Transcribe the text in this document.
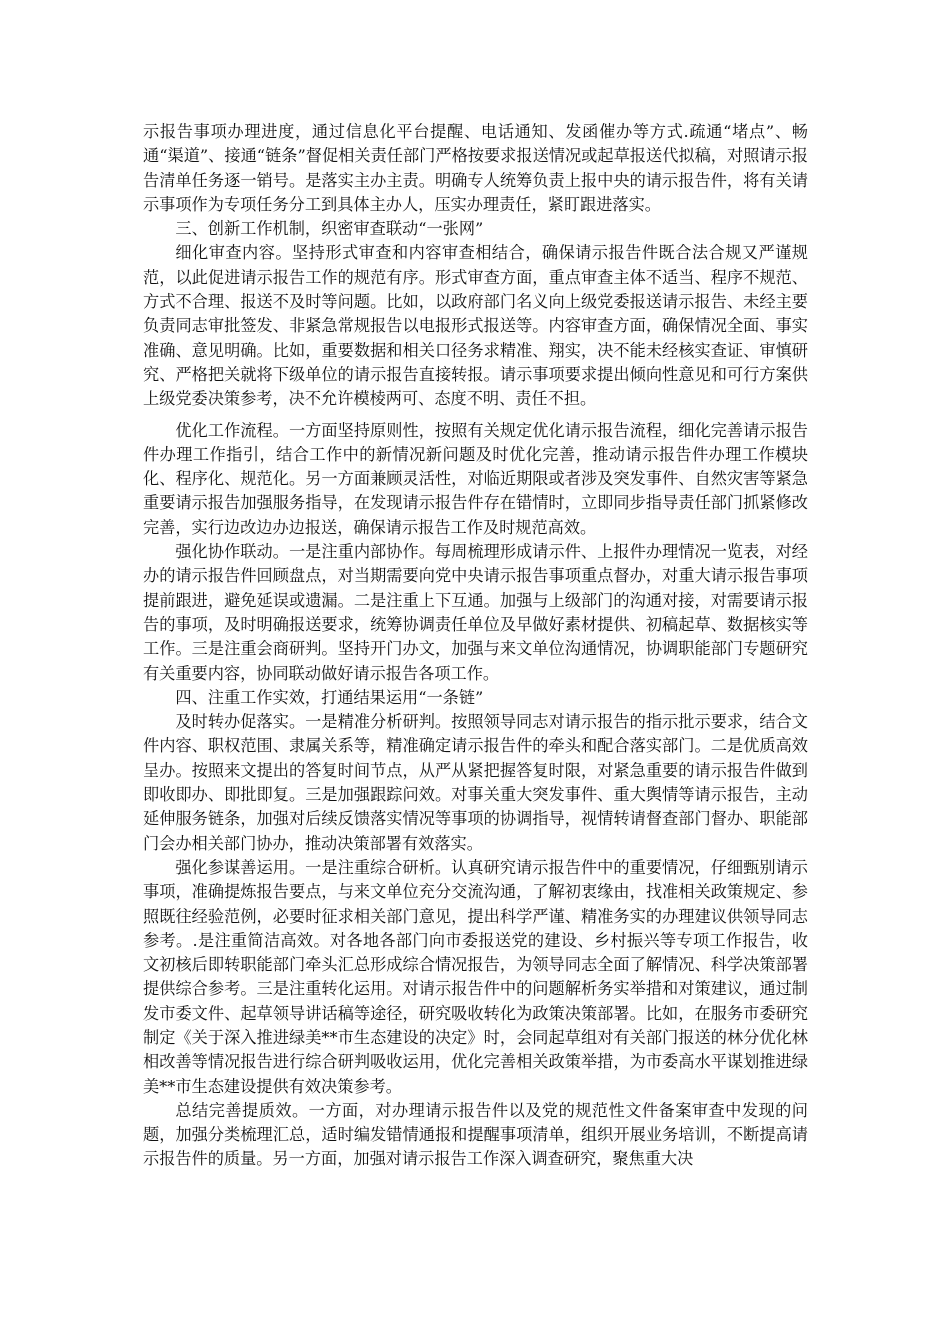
示报告事项办理进度，通过信息化平台提醒、电话通知、发函催办等方式.疏通“堵点”、畅通“渠道”、接通“链条”督促相关责任部门严格按要求报送情况或起草报送代拟稿，对照请示报告清单任务逐一销号。是落实主办主责。明确专人统筹负责上报中央的请示报告件，将有关请示事项作为专项任务分工到具体主办人，压实办理责任，紧盯跟进落实。

三、创新工作机制，织密审查联动“一张网”

细化审查内容。坚持形式审查和内容审查相结合，确保请示报告件既合法合规又严谨规范，以此促进请示报告工作的规范有序。形式审查方面，重点审查主体不适当、程序不规范、方式不合理、报送不及时等问题。比如，以政府部门名义向上级党委报送请示报告、未经主要负责同志审批签发、非紧急常规报告以电报形式报送等。内容审查方面，确保情况全面、事实准确、意见明确。比如，重要数据和相关口径务求精准、翔实，决不能未经核实查证、审慎研究、严格把关就将下级单位的请示报告直接转报。请示事项要求提出倾向性意见和可行方案供上级党委决策参考，决不允许模棱两可、态度不明、责任不担。

优化工作流程。一方面坚持原则性，按照有关规定优化请示报告流程，细化完善请示报告件办理工作指引，结合工作中的新情况新问题及时优化完善，推动请示报告件办理工作模块化、程序化、规范化。另一方面兼顾灵活性，对临近期限或者涉及突发事件、自然灾害等紧急重要请示报告加强服务指导，在发现请示报告件存在错情时，立即同步指导责任部门抓紧修改完善，实行边改边办边报送，确保请示报告工作及时规范高效。

强化协作联动。一是注重内部协作。每周梳理形成请示件、上报件办理情况一览表，对经办的请示报告件回顾盘点，对当期需要向党中央请示报告事项重点督办，对重大请示报告事项提前跟进，避免延误或遗漏。二是注重上下互通。加强与上级部门的沟通对接，对需要请示报告的事项，及时明确报送要求，统筹协调责任单位及早做好素材提供、初稿起草、数据核实等工作。三是注重会商研判。坚持开门办文，加强与来文单位沟通情况，协调职能部门专题研究有关重要内容，协同联动做好请示报告各项工作。

四、注重工作实效，打通结果运用“一条链”

及时转办促落实。一是精准分析研判。按照领导同志对请示报告的指示批示要求，结合文件内容、职权范围、隶属关系等，精准确定请示报告件的牵头和配合落实部门。二是优质高效呈办。按照来文提出的答复时间节点，从严从紧把握答复时限，对紧急重要的请示报告件做到即收即办、即批即复。三是加强跟踪问效。对事关重大突发事件、重大舆情等请示报告，主动延伸服务链条，加强对后续反馈落实情况等事项的协调指导，视情转请督查部门督办、职能部门会办相关部门协办，推动决策部署有效落实。

强化参谋善运用。一是注重综合研析。认真研究请示报告件中的重要情况，仔细甄别请示事项，准确提炼报告要点，与来文单位充分交流沟通，了解初衷缘由，找准相关政策规定、参照既往经验范例，必要时征求相关部门意见，提出科学严谨、精准务实的办理建议供领导同志参考。.是注重简洁高效。对各地各部门向市委报送党的建设、乡村振兴等专项工作报告，收文初核后即转职能部门牵头汇总形成综合情况报告，为领导同志全面了解情况、科学决策部署提供综合参考。三是注重转化运用。对请示报告件中的问题解析务实举措和对策建议，通过制发市委文件、起草领导讲话稿等途径，研究吸收转化为政策决策部署。比如，在服务市委研究制定《关于深入推进绿美**市生态建设的决定》时，会同起草组对有关部门报送的林分优化林相改善等情况报告进行综合研判吸收运用，优化完善相关政策举措，为市委高水平谋划推进绿美**市生态建设提供有效决策参考。

总结完善提质效。一方面，对办理请示报告件以及党的规范性文件备案审查中发现的问题，加强分类梳理汇总，适时编发错情通报和提醒事项清单，组织开展业务培训，不断提高请示报告件的质量。另一方面，加强对请示报告工作深入调查研究，聚焦重大决
